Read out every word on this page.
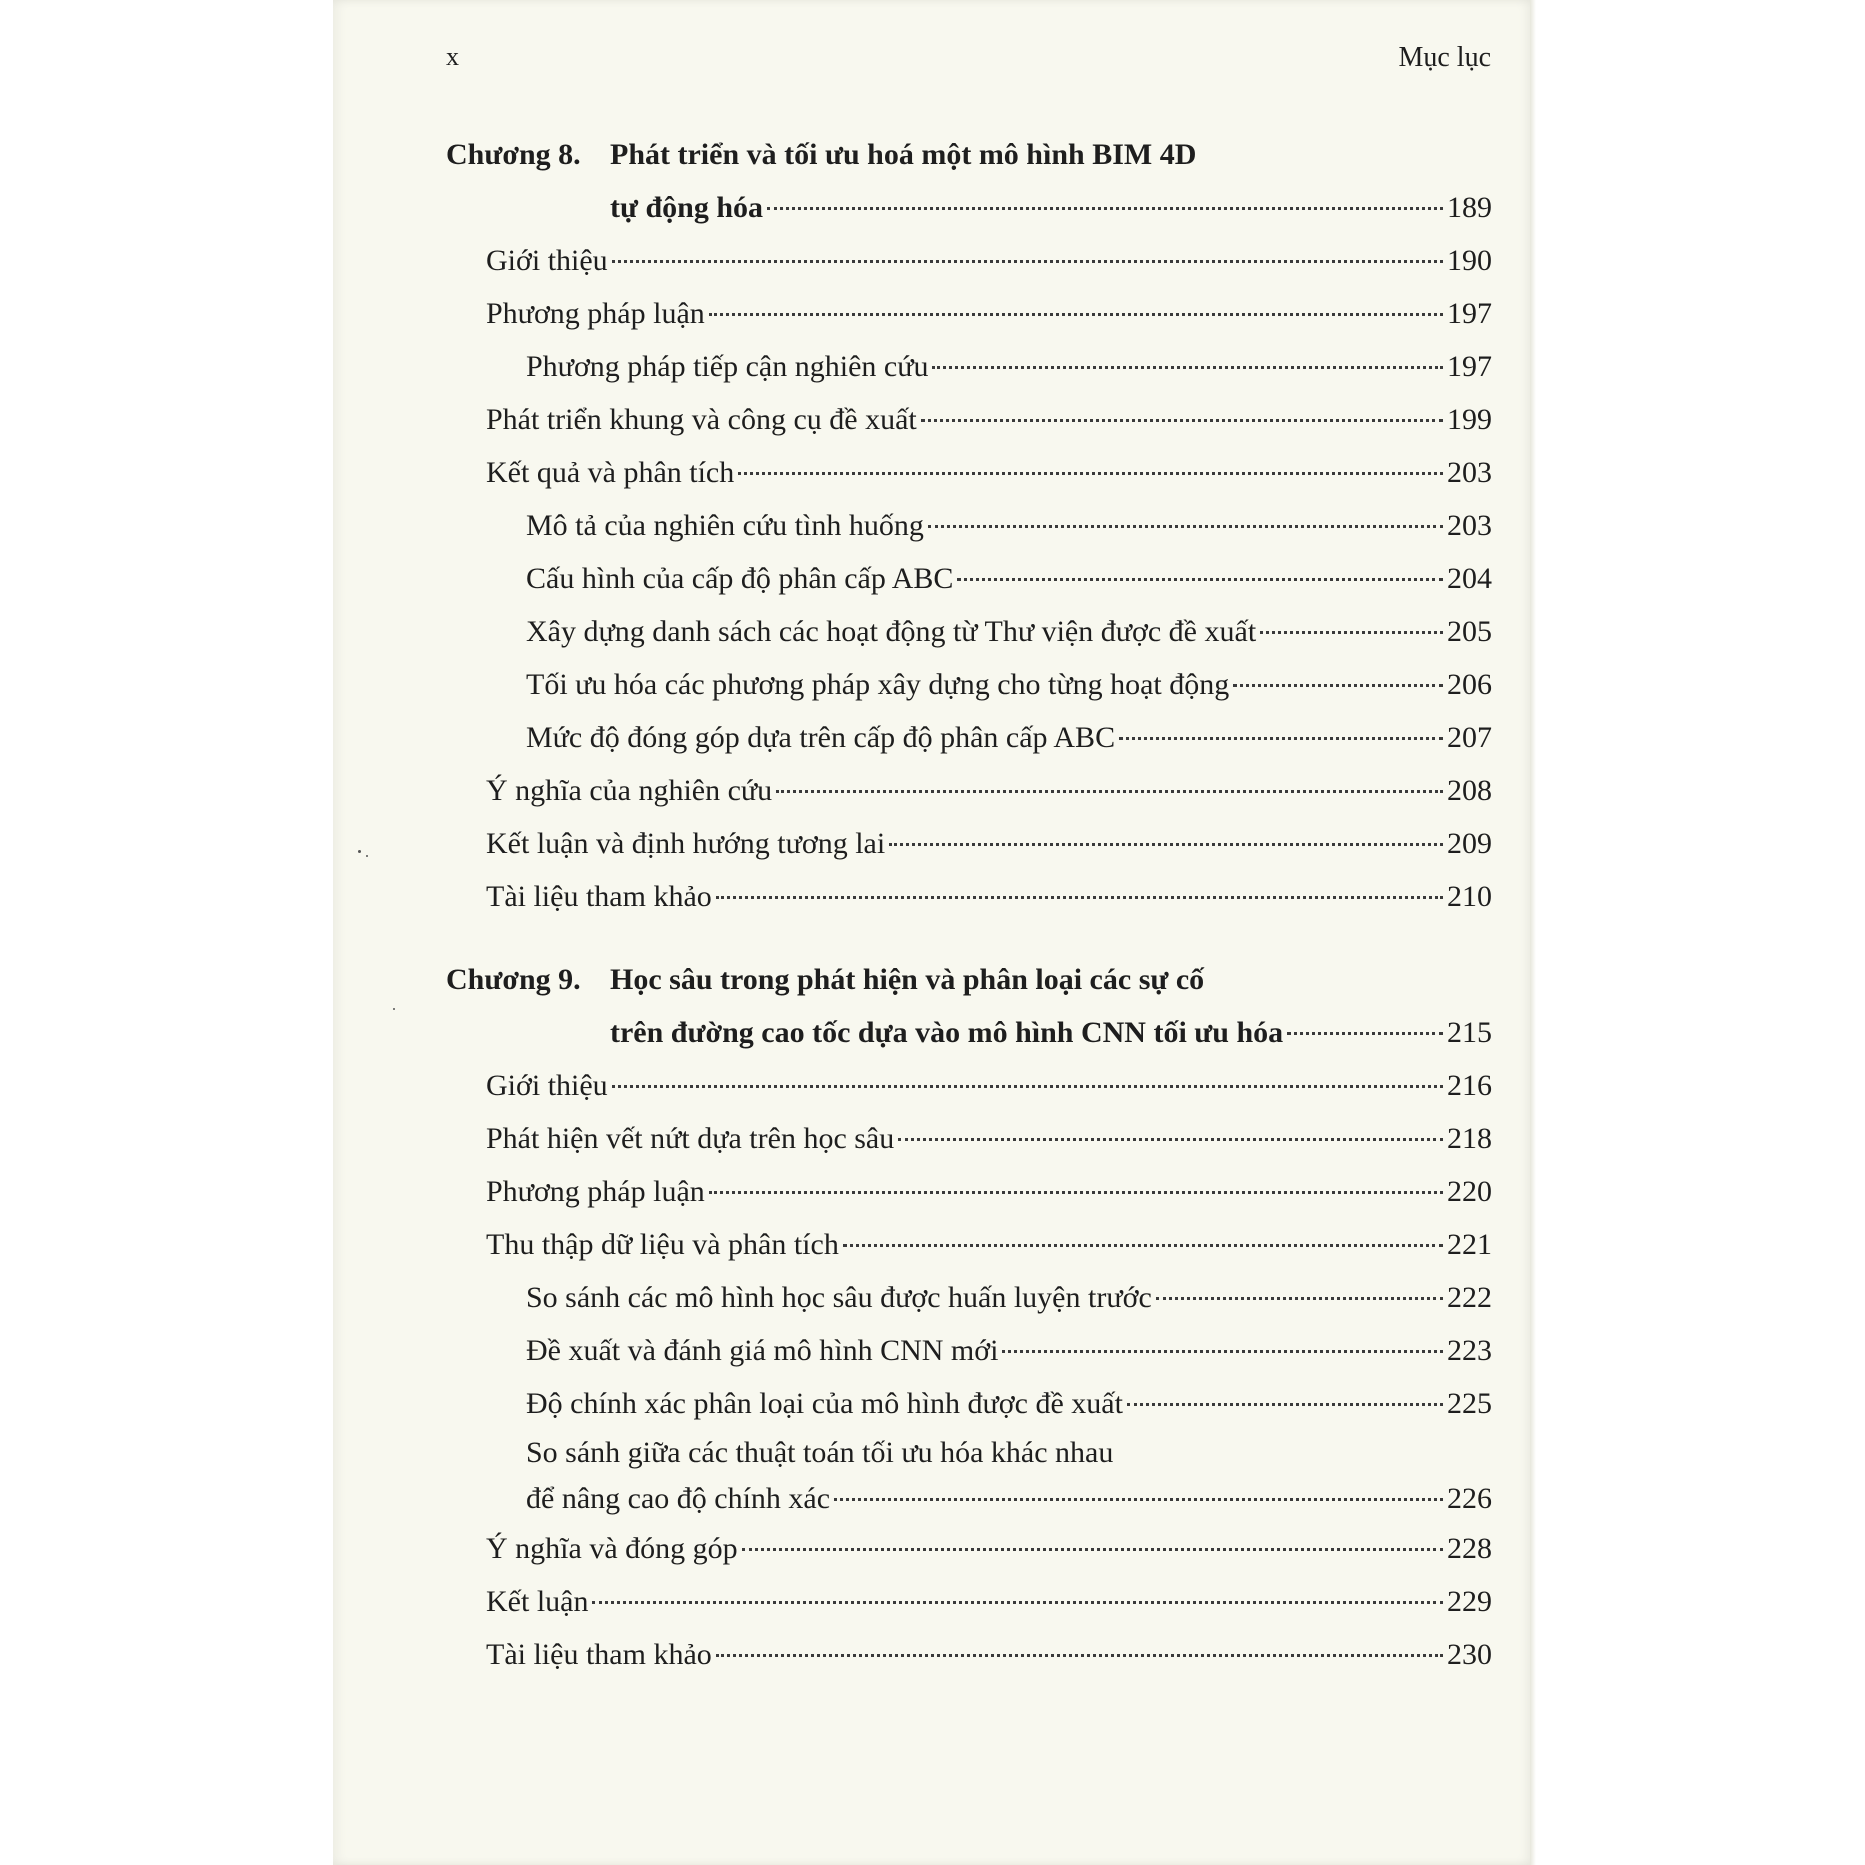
x	Mục lục
Chương 8. Phát triển và tối ưu hoá một mô hình BIM 4D
tự động hóa	189
Giới thiệu	190
Phương pháp luận	197
Phương pháp tiếp cận nghiên cứu	197
Phát triển khung và công cụ đề xuất	199
Kết quả và phân tích	203
Mô tả của nghiên cứu tình huống	203
Cấu hình của cấp độ phân cấp ABC	204
Xây dựng danh sách các hoạt động từ Thư viện được đề xuất	205
Tối ưu hóa các phương pháp xây dựng cho từng hoạt động	206
Mức độ đóng góp dựa trên cấp độ phân cấp ABC	207
Ý nghĩa của nghiên cứu	208
Kết luận và định hướng tương lai	209
Tài liệu tham khảo	210
Chương 9. Học sâu trong phát hiện và phân loại các sự cố
trên đường cao tốc dựa vào mô hình CNN tối ưu hóa	215
Giới thiệu	216
Phát hiện vết nứt dựa trên học sâu	218
Phương pháp luận	220
Thu thập dữ liệu và phân tích	221
So sánh các mô hình học sâu được huấn luyện trước	222
Đề xuất và đánh giá mô hình CNN mới	223
Độ chính xác phân loại của mô hình được đề xuất	225
So sánh giữa các thuật toán tối ưu hóa khác nhau
để nâng cao độ chính xác	226
Ý nghĩa và đóng góp	228
Kết luận	229
Tài liệu tham khảo	230
